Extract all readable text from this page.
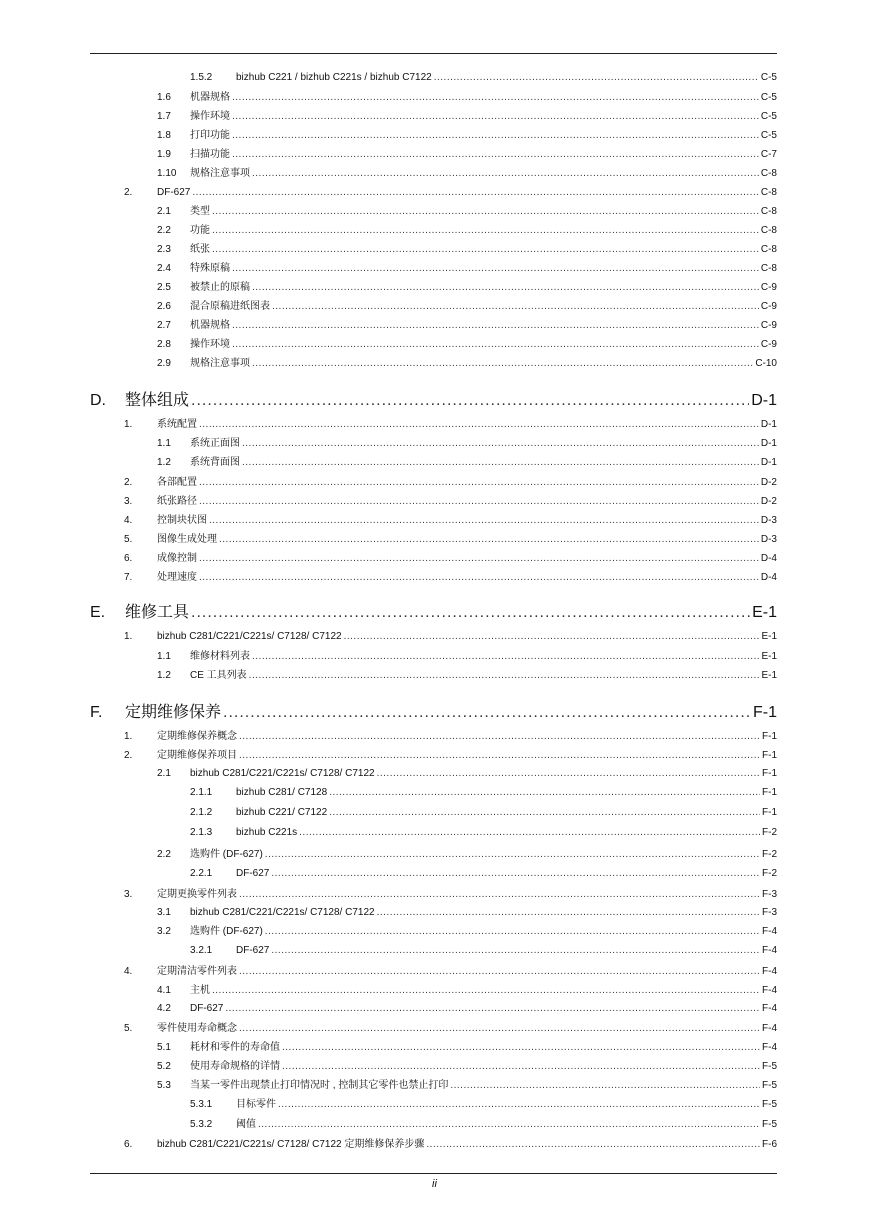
1.5.2	bizhub C221 / bizhub C221s / bizhub C7122 .....	C-5
1.6	机器规格 .....	C-5
1.7	操作环境 .....	C-5
1.8	打印功能 .....	C-5
1.9	扫描功能 .....	C-7
1.10	规格注意事项 .....	C-8
2.	DF-627 .....	C-8
2.1	类型 .....	C-8
2.2	功能 .....	C-8
2.3	纸张 .....	C-8
2.4	特殊原稿 .....	C-8
2.5	被禁止的原稿 .....	C-9
2.6	混合原稿进纸图表 .....	C-9
2.7	机器规格 .....	C-9
2.8	操作环境 .....	C-9
2.9	规格注意事项 .....	C-10
D.	整体组成 .....	D-1
1.	系统配置 .....	D-1
1.1	系统正面图 .....	D-1
1.2	系统背面图 .....	D-1
2.	各部配置 .....	D-2
3.	纸张路径 .....	D-2
4.	控制块状图 .....	D-3
5.	图像生成处理 .....	D-3
6.	成像控制 .....	D-4
7.	处理速度 .....	D-4
E.	维修工具 .....	E-1
1.	bizhub C281/C221/C221s/ C7128/ C7122 .....	E-1
1.1	维修材料列表 .....	E-1
1.2	CE 工具列表 .....	E-1
F.	定期维修保养 .....	F-1
1.	定期维修保养概念 .....	F-1
2.	定期维修保养项目 .....	F-1
2.1	bizhub C281/C221/C221s/ C7128/ C7122 .....	F-1
2.1.1	bizhub C281/ C7128 .....	F-1
2.1.2	bizhub C221/ C7122 .....	F-1
2.1.3	bizhub C221s .....	F-2
2.2	选购件 (DF-627) .....	F-2
2.2.1	DF-627 .....	F-2
3.	定期更换零件列表 .....	F-3
3.1	bizhub C281/C221/C221s/ C7128/ C7122 .....	F-3
3.2	选购件 (DF-627) .....	F-4
3.2.1	DF-627 .....	F-4
4.	定期清洁零件列表 .....	F-4
4.1	主机 .....	F-4
4.2	DF-627 .....	F-4
5.	零件使用寿命概念 .....	F-4
5.1	耗材和零件的寿命值 .....	F-4
5.2	使用寿命规格的详情 .....	F-5
5.3	当某一零件出现禁止打印情况时 , 控制其它零件也禁止打印 .....	F-5
5.3.1	目标零件 .....	F-5
5.3.2	阈值 .....	F-5
6.	bizhub C281/C221/C221s/ C7128/ C7122 定期维修保养步骤 .....	F-6
ii
